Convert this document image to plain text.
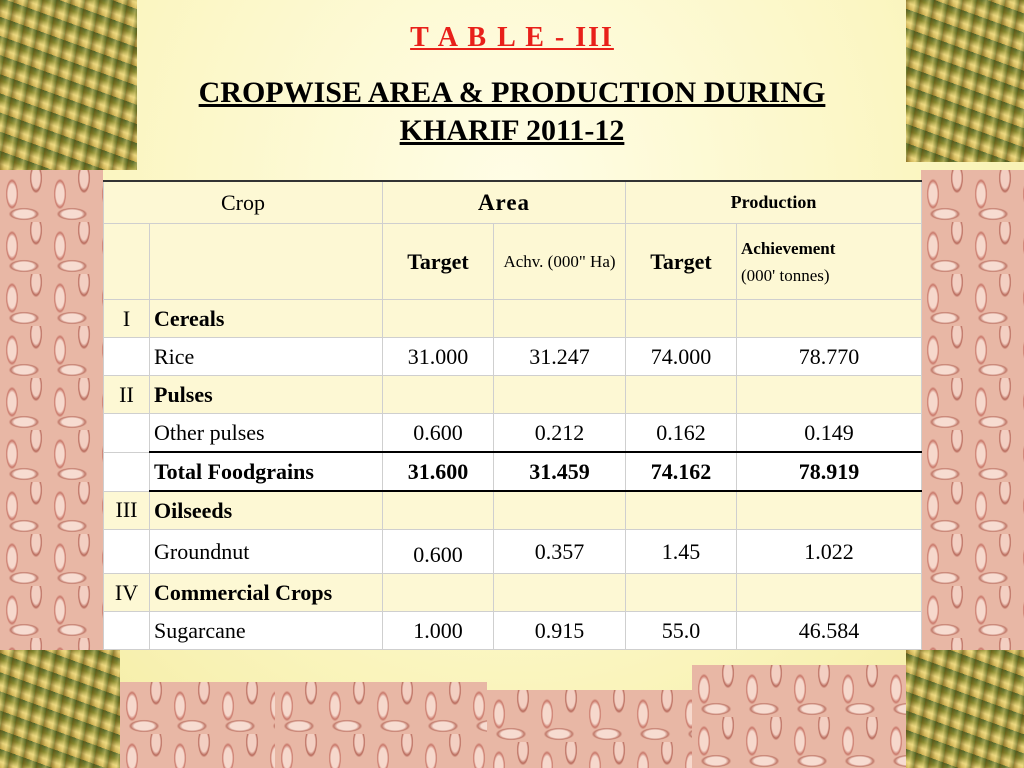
T A B L E - III
CROPWISE AREA & PRODUCTION DURING
KHARIF 2011-12
Crop		Area		Production	
		Target	Achv. (000" Ha)	Target	Achievement
(000' tonnes)

I	Cereals				
	Rice	31.000	31.247	74.000	78.770
II	Pulses				
	Other pulses	0.600	0.212	0.162	0.149
	Total Foodgrains	31.600	31.459	74.162	78.919
III	Oilseeds				
	Groundnut	0.600	0.357	1.45	1.022
IV	Commercial Crops				
	Sugarcane	1.000	0.915	55.0	46.584
